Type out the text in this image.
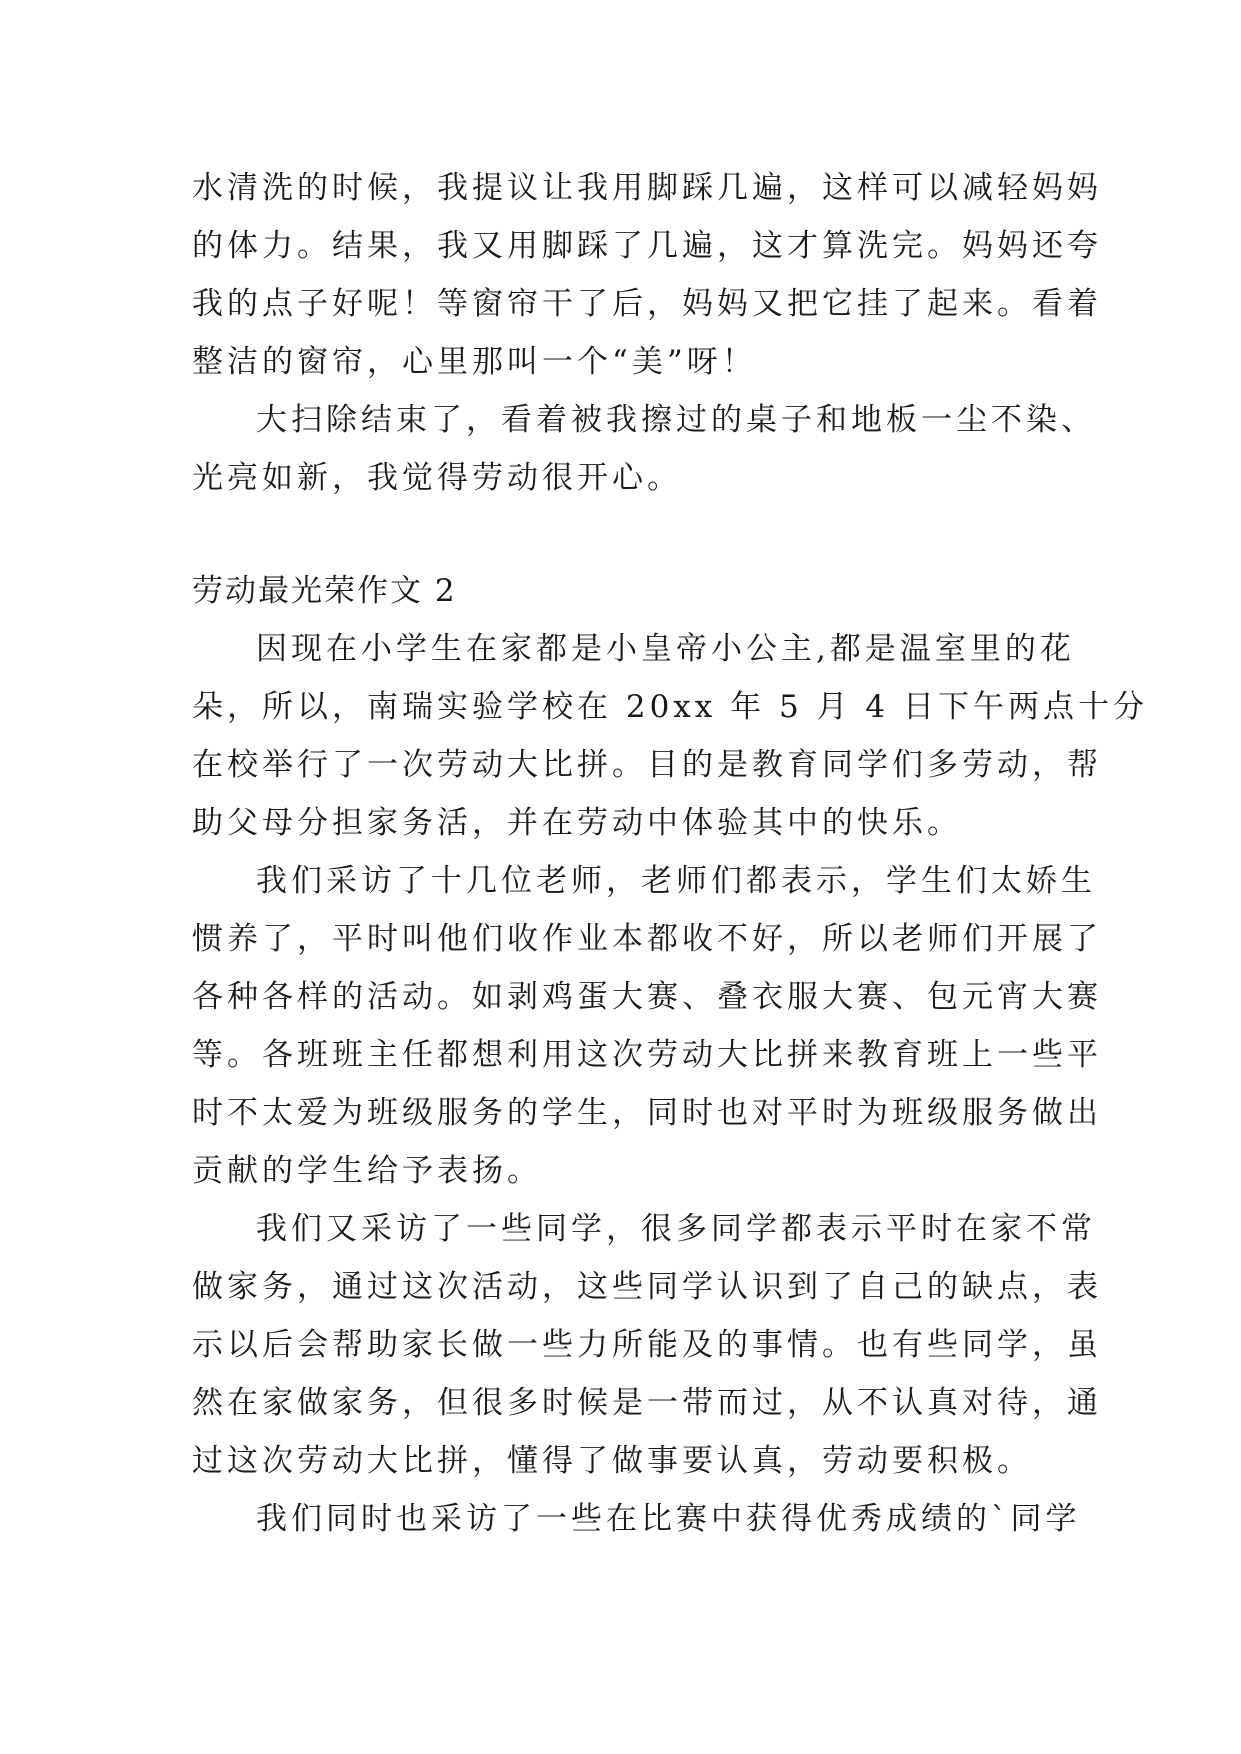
水清洗的时候，我提议让我用脚踩几遍，这样可以减轻妈妈
的体力。结果，我又用脚踩了几遍，这才算洗完。妈妈还夸
我的点子好呢！等窗帘干了后，妈妈又把它挂了起来。看着
整洁的窗帘，心里那叫一个“美”呀！
大扫除结束了，看着被我擦过的桌子和地板一尘不染、
光亮如新，我觉得劳动很开心。
劳动最光荣作文 2
因现在小学生在家都是小皇帝小公主,都是温室里的花
朵，所以，南瑞实验学校在 20xx 年 5 月 4 日下午两点十分
在校举行了一次劳动大比拼。目的是教育同学们多劳动，帮
助父母分担家务活，并在劳动中体验其中的快乐。
我们采访了十几位老师，老师们都表示，学生们太娇生
惯养了，平时叫他们收作业本都收不好，所以老师们开展了
各种各样的活动。如剥鸡蛋大赛、叠衣服大赛、包元宵大赛
等。各班班主任都想利用这次劳动大比拼来教育班上一些平
时不太爱为班级服务的学生，同时也对平时为班级服务做出
贡献的学生给予表扬。
我们又采访了一些同学，很多同学都表示平时在家不常
做家务，通过这次活动，这些同学认识到了自己的缺点，表
示以后会帮助家长做一些力所能及的事情。也有些同学，虽
然在家做家务，但很多时候是一带而过，从不认真对待，通
过这次劳动大比拼，懂得了做事要认真，劳动要积极。
我们同时也采访了一些在比赛中获得优秀成绩的`同学
